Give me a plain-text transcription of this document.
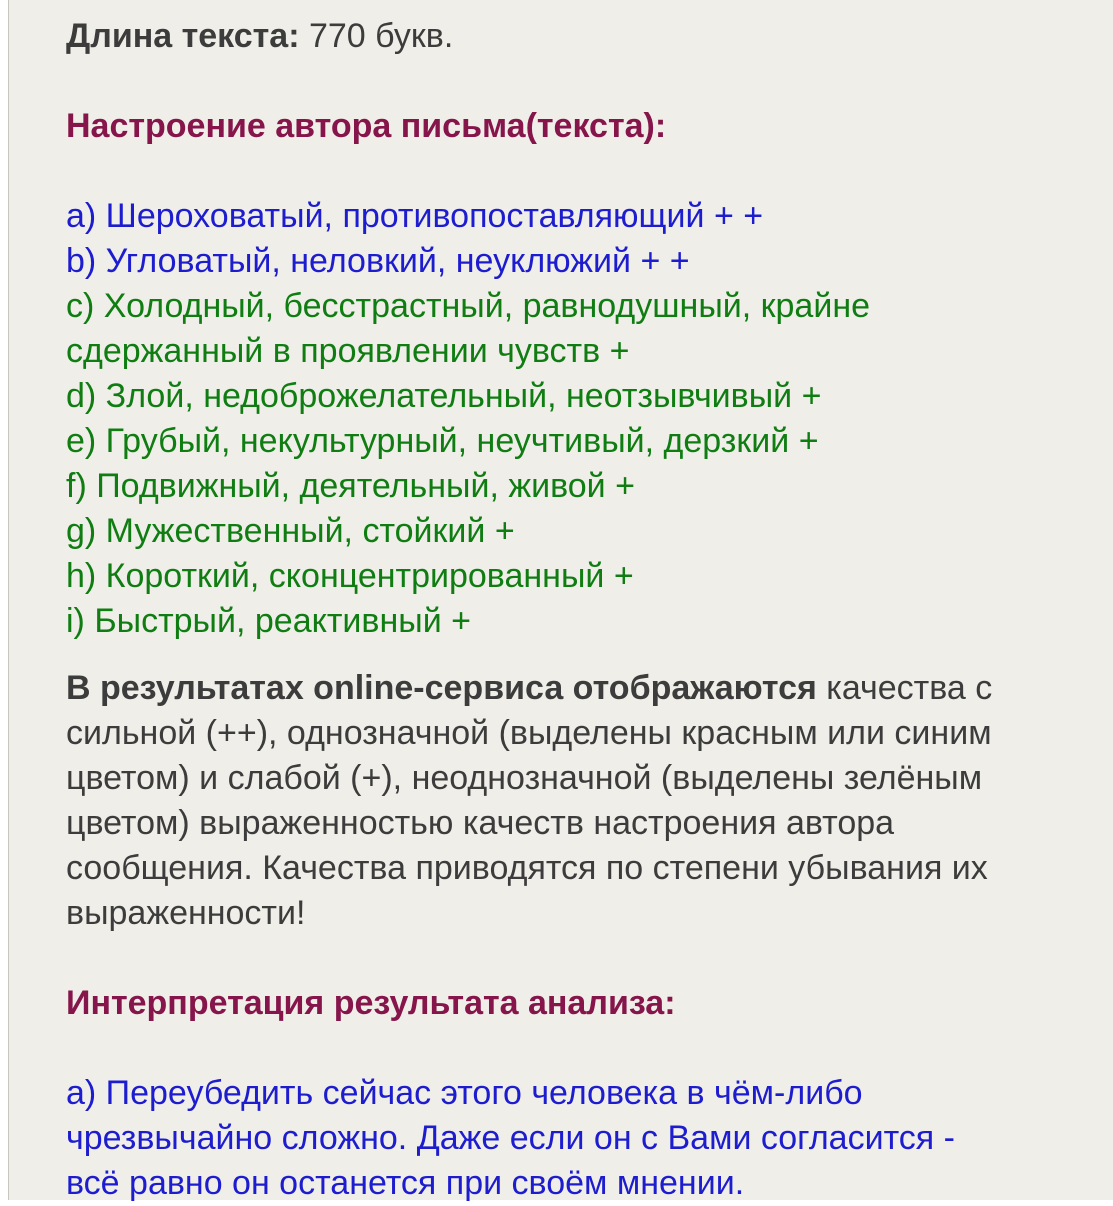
Длина текста: 770 букв.
Настроение автора письма(текста):
a) Шероховатый, противопоставляющий + +
b) Угловатый, неловкий, неуклюжий + +
c) Холодный, бесстрастный, равнодушный, крайне
сдержанный в проявлении чувств +
d) Злой, недоброжелательный, неотзывчивый +
e) Грубый, некультурный, неучтивый, дерзкий +
f) Подвижный, деятельный, живой +
g) Мужественный, стойкий +
h) Короткий, сконцентрированный +
i) Быстрый, реактивный +
В результатах online-сервиса отображаются качества с
сильной (++), однозначной (выделены красным или синим
цветом) и слабой (+), неоднозначной (выделены зелёным
цветом) выраженностью качеств настроения автора
сообщения. Качества приводятся по степени убывания их
выраженности!
Интерпретация результата анализа:
a) Переубедить сейчас этого человека в чём-либо
чрезвычайно сложно. Даже если он с Вами согласится -
всё равно он останется при своём мнении.
